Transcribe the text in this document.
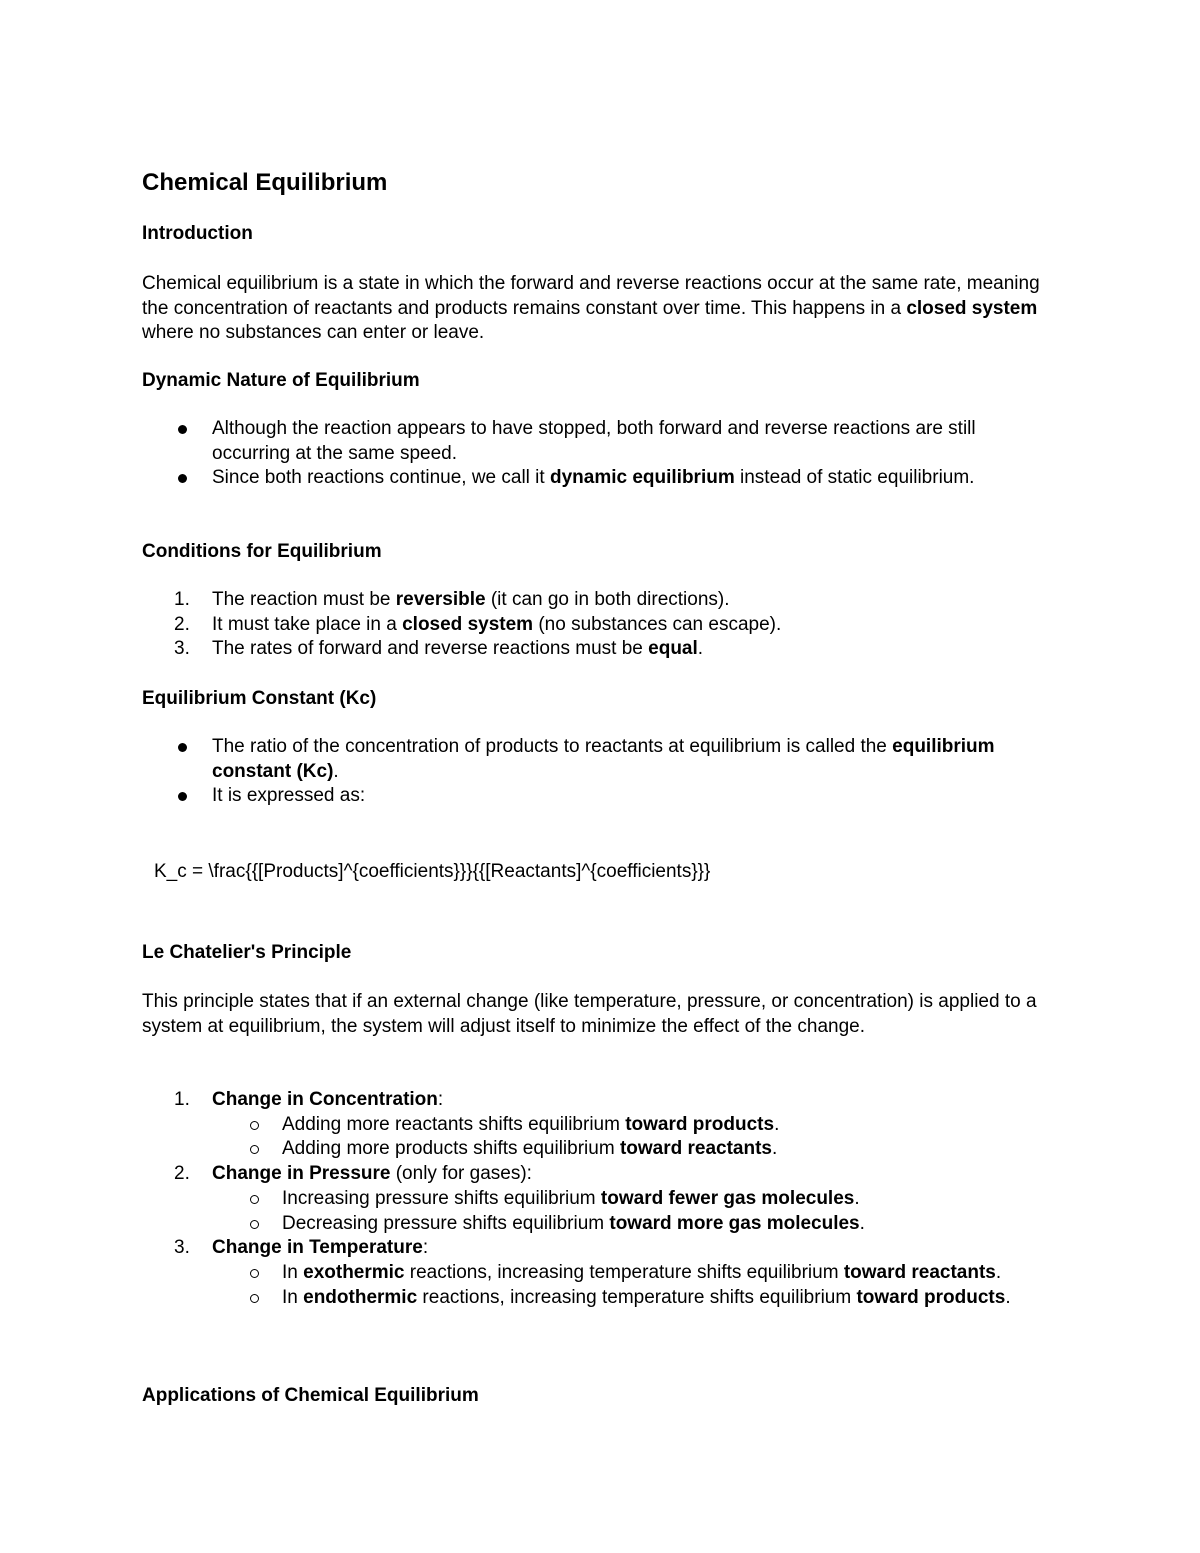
Chemical Equilibrium
Introduction

Chemical equilibrium is a state in which the forward and reverse reactions occur at the same rate, meaning the concentration of reactants and products remains constant over time. This happens in a closed system where no substances can enter or leave.

Dynamic Nature of Equilibrium
Although the reaction appears to have stopped, both forward and reverse reactions are still occurring at the same speed.
Since both reactions continue, we call it dynamic equilibrium instead of static equilibrium.
Conditions for Equilibrium
1.	The reaction must be reversible (it can go in both directions).
2.	It must take place in a closed system (no substances can escape).
3.	The rates of forward and reverse reactions must be equal.
Equilibrium Constant (Kc)
The ratio of the concentration of products to reactants at equilibrium is called the equilibrium constant (Kc).
It is expressed as:

K_c = \frac{{[Products]^{coefficients}}}{{[Reactants]^{coefficients}}}

Le Chatelier's Principle

This principle states that if an external change (like temperature, pressure, or concentration) is applied to a system at equilibrium, the system will adjust itself to minimize the effect of the change.

1.	Change in Concentration:
Adding more reactants shifts equilibrium toward products.
Adding more products shifts equilibrium toward reactants.
2.	Change in Pressure (only for gases):
Increasing pressure shifts equilibrium toward fewer gas molecules.
Decreasing pressure shifts equilibrium toward more gas molecules.
3.	Change in Temperature:
In exothermic reactions, increasing temperature shifts equilibrium toward reactants.
In endothermic reactions, increasing temperature shifts equilibrium toward products.
Applications of Chemical Equilibrium
